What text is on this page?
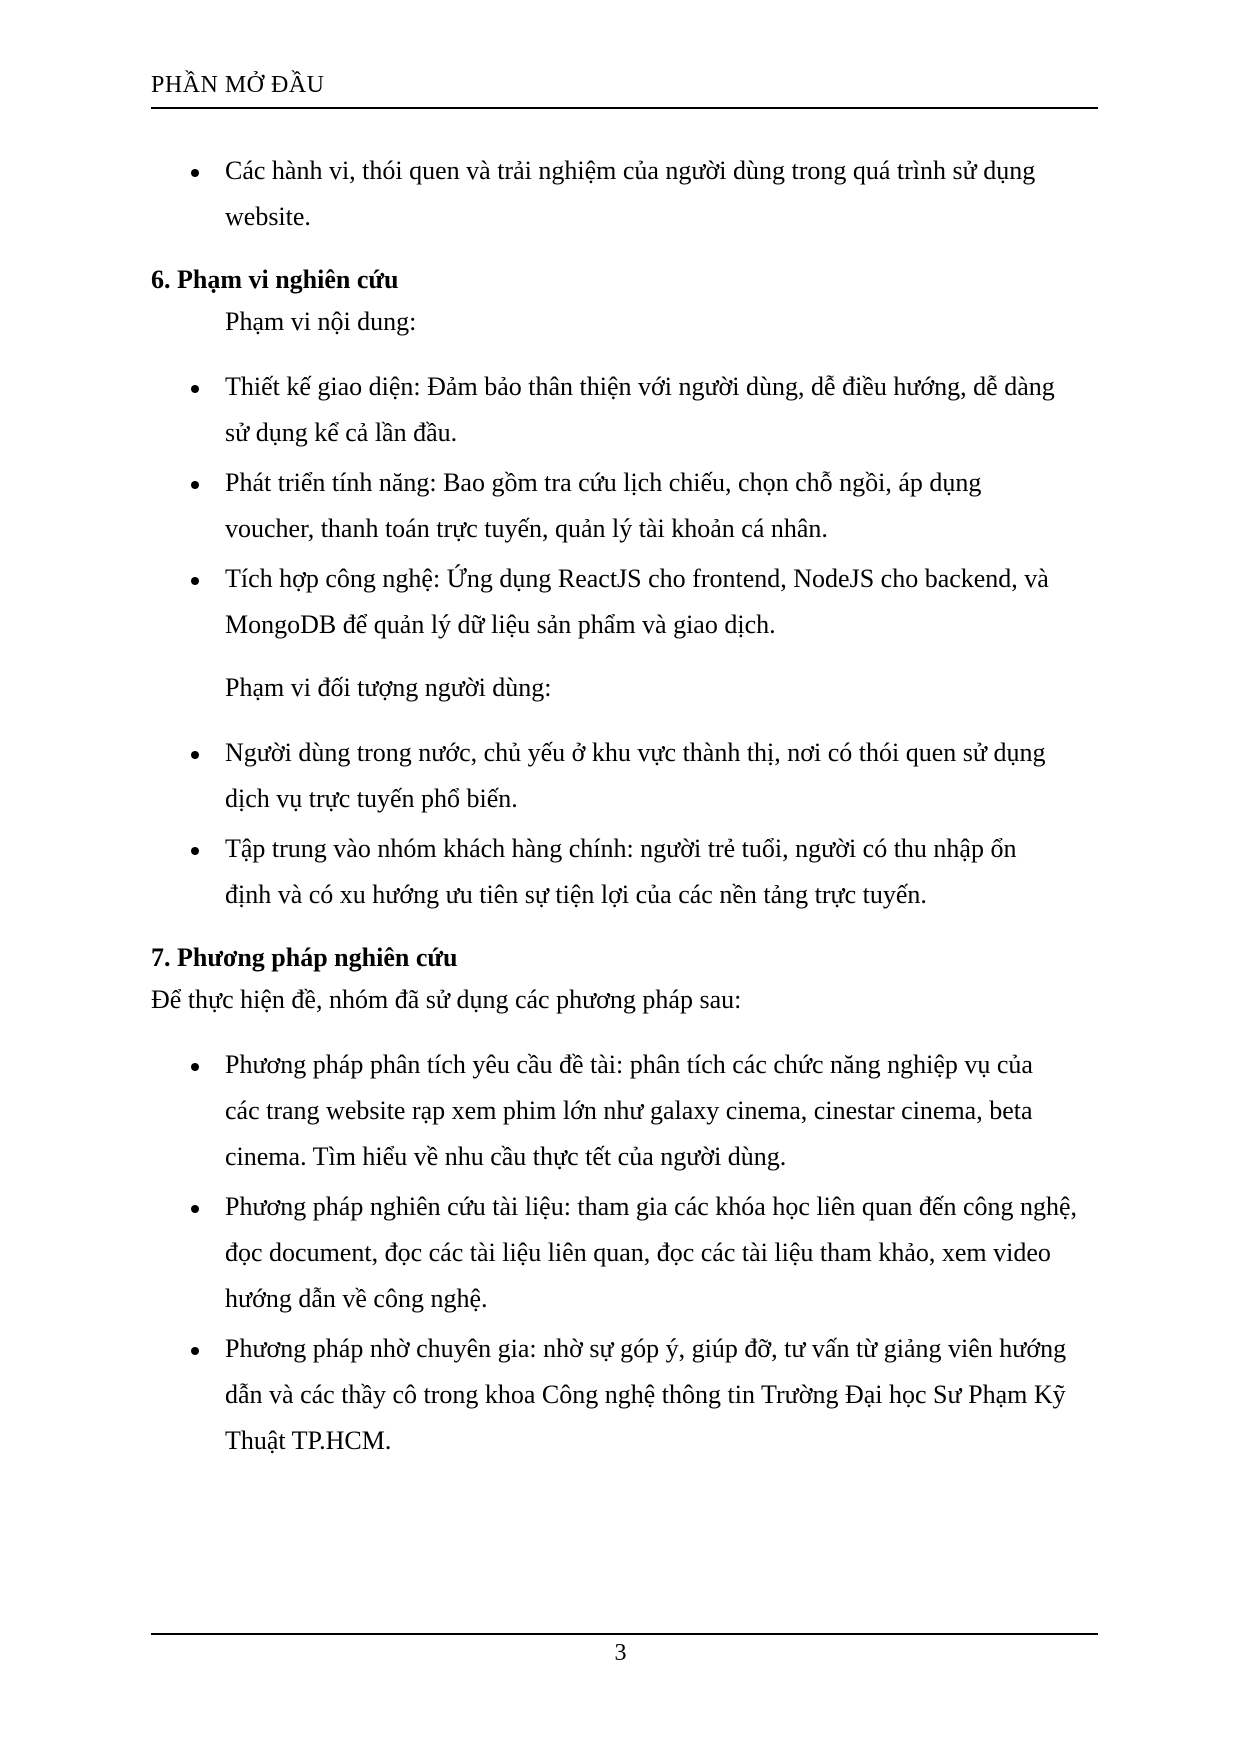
PHẦN MỞ ĐẦU
Các hành vi, thói quen và trải nghiệm của người dùng trong quá trình sử dụng
website.
6. Phạm vi nghiên cứu
Phạm vi nội dung:
Thiết kế giao diện: Đảm bảo thân thiện với người dùng, dễ điều hướng, dễ dàng
sử dụng kể cả lần đầu.
Phát triển tính năng: Bao gồm tra cứu lịch chiếu, chọn chỗ ngồi, áp dụng
voucher, thanh toán trực tuyến, quản lý tài khoản cá nhân.
Tích hợp công nghệ: Ứng dụng ReactJS cho frontend, NodeJS cho backend, và
MongoDB để quản lý dữ liệu sản phẩm và giao dịch.
Phạm vi đối tượng người dùng:
Người dùng trong nước, chủ yếu ở khu vực thành thị, nơi có thói quen sử dụng
dịch vụ trực tuyến phổ biến.
Tập trung vào nhóm khách hàng chính: người trẻ tuổi, người có thu nhập ổn
định và có xu hướng ưu tiên sự tiện lợi của các nền tảng trực tuyến.
7. Phương pháp nghiên cứu
Để thực hiện đề, nhóm đã sử dụng các phương pháp sau:
Phương pháp phân tích yêu cầu đề tài: phân tích các chức năng nghiệp vụ của
các trang website rạp xem phim lớn như galaxy cinema, cinestar cinema, beta
cinema. Tìm hiểu về nhu cầu thực tết của người dùng.
Phương pháp nghiên cứu tài liệu: tham gia các khóa học liên quan đến công nghệ,
đọc document, đọc các tài liệu liên quan, đọc các tài liệu tham khảo, xem video
hướng dẫn về công nghệ.
Phương pháp nhờ chuyên gia: nhờ sự góp ý, giúp đỡ, tư vấn từ giảng viên hướng
dẫn và các thầy cô trong khoa Công nghệ thông tin Trường Đại học Sư Phạm Kỹ
Thuật TP.HCM.
3
